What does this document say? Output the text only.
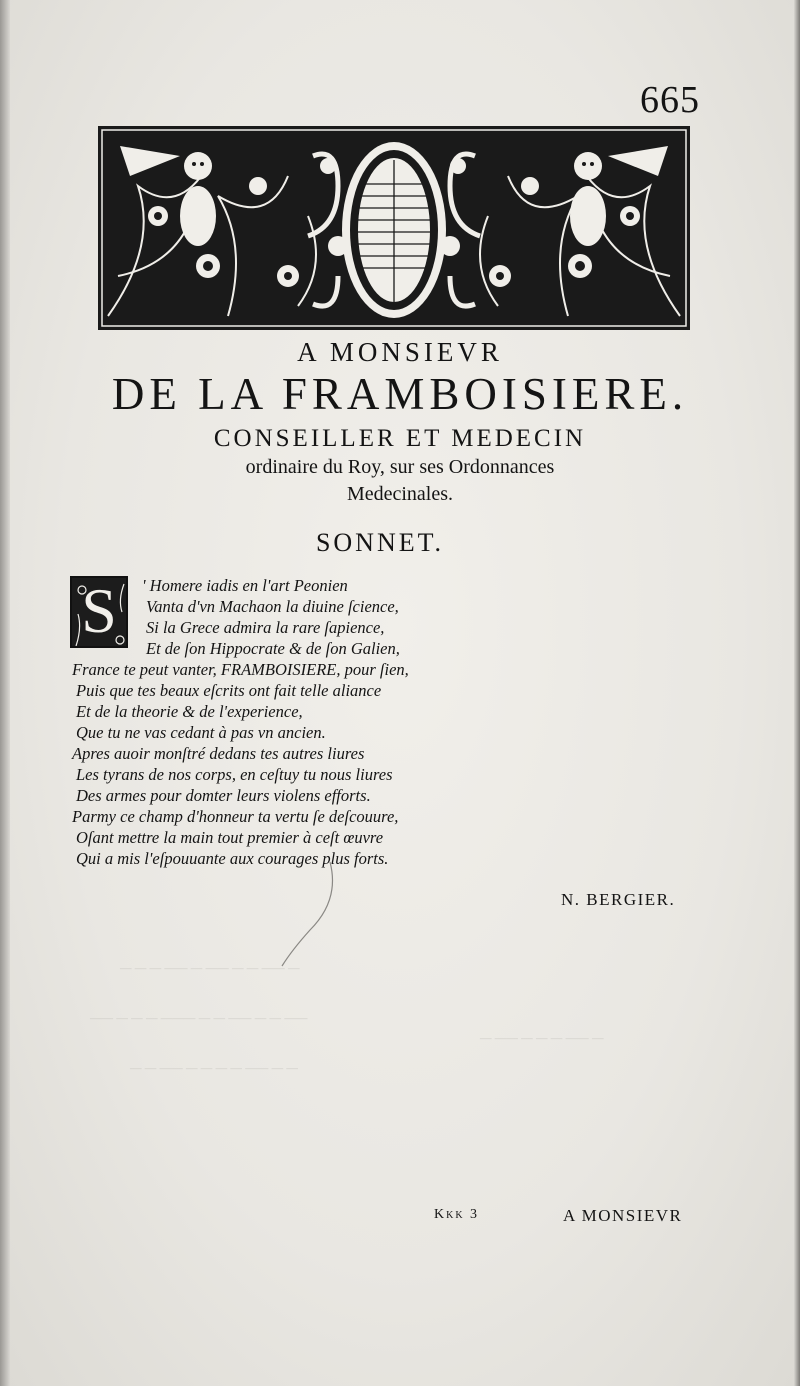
— — — —— — —— — — —— —
—— — — — ——— — — —— — — ——
— —— — — — —— —
— — —— — — — — —— — —
665
A MONSIEVR
DE LA FRAMBOISIERE.
CONSEILLER ET MEDECIN
ordinaire du Roy, sur ses Ordonnances
Medecinales.
SONNET.
S	' Homere iadis en l'art Peonien
Vanta d'vn Machaon la diuine ſcience,
Si la Grece admira la rare ſapience,
Et de ſon Hippocrate & de ſon Galien,
France te peut vanter, FRAMBOISIERE, pour ſien,
Puis que tes beaux eſcrits ont fait telle aliance
Et de la theorie & de l'experience,
Que tu ne vas cedant à pas vn ancien.
Apres auoir monſtré dedans tes autres liures
Les tyrans de nos corps, en ceſtuy tu nous liures
Des armes pour domter leurs violens efforts.
Parmy ce champ d'honneur ta vertu ſe deſcouure,
Oſant mettre la main tout premier à ceſt œuvre
Qui a mis l'eſpouuante aux courages plus forts.
N. BERGIER.
Kkk 3	A MONSIEVR
